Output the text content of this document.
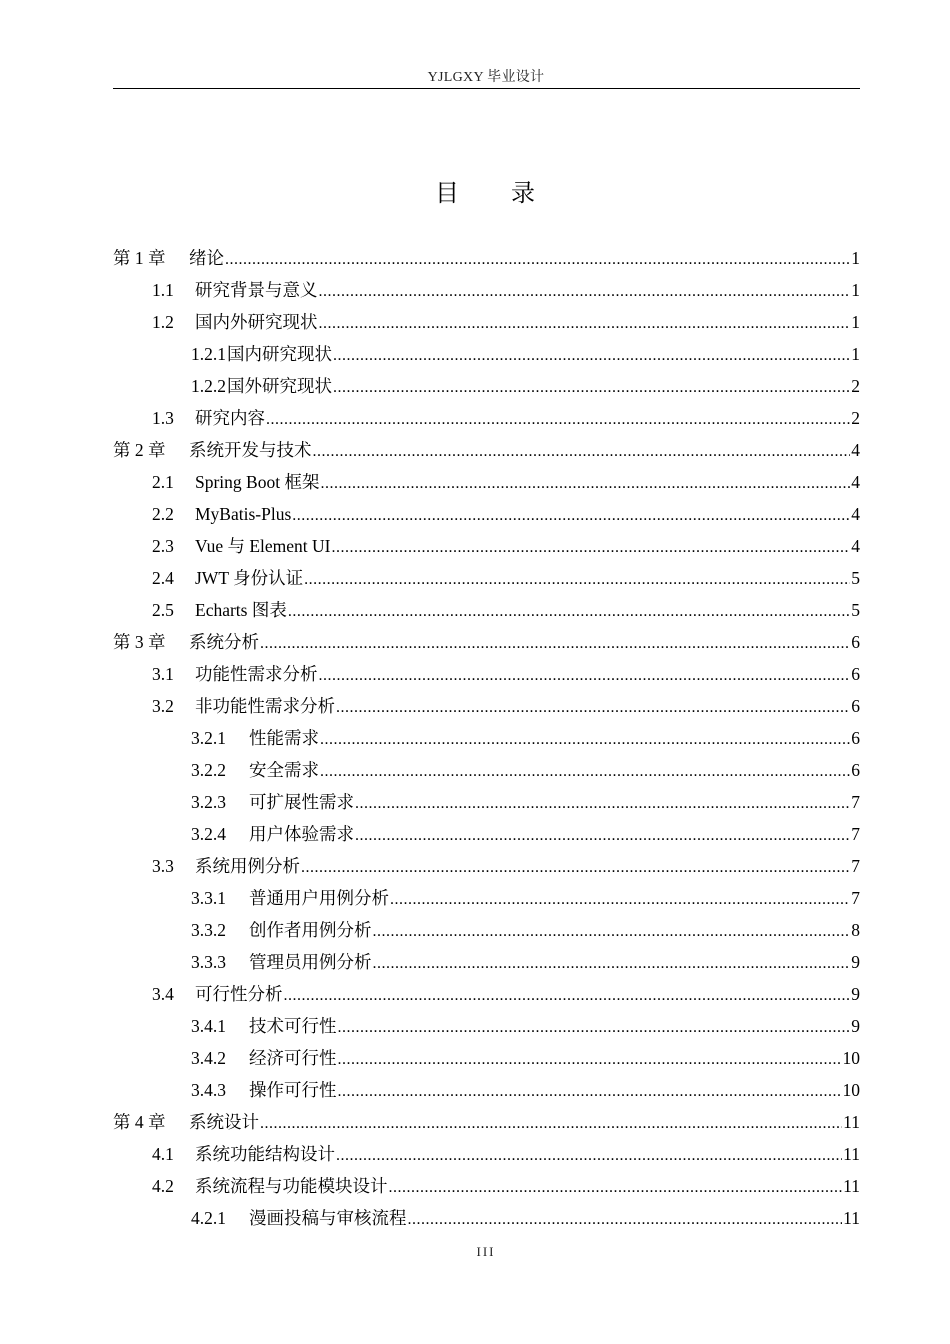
YJLGXY 毕业设计
目 录
第 1 章	绪论 .....	1
1.1	研究背景与意义 .....	1
1.2	国内外研究现状 .....	1
1.2.1 国内研究现状 .....	1
1.2.2 国外研究现状 .....	2
1.3	研究内容 .....	2
第 2 章	系统开发与技术 .....	4
2.1	Spring Boot 框架 .....	4
2.2	MyBatis-Plus .....	4
2.3	Vue 与 Element UI .....	4
2.4	JWT 身份认证 .....	5
2.5	Echarts 图表 .....	5
第 3 章	系统分析 .....	6
3.1	功能性需求分析 .....	6
3.2	非功能性需求分析 .....	6
3.2.1	性能需求 .....	6
3.2.2	安全需求 .....	6
3.2.3	可扩展性需求 .....	7
3.2.4	用户体验需求 .....	7
3.3	系统用例分析 .....	7
3.3.1	普通用户用例分析 .....	7
3.3.2	创作者用例分析 .....	8
3.3.3	管理员用例分析 .....	9
3.4	可行性分析 .....	9
3.4.1	技术可行性 .....	9
3.4.2	经济可行性 .....	10
3.4.3	操作可行性 .....	10
第 4 章	系统设计 .....	11
4.1	系统功能结构设计 .....	11
4.2	系统流程与功能模块设计 .....	11
4.2.1	漫画投稿与审核流程 .....	11
III
